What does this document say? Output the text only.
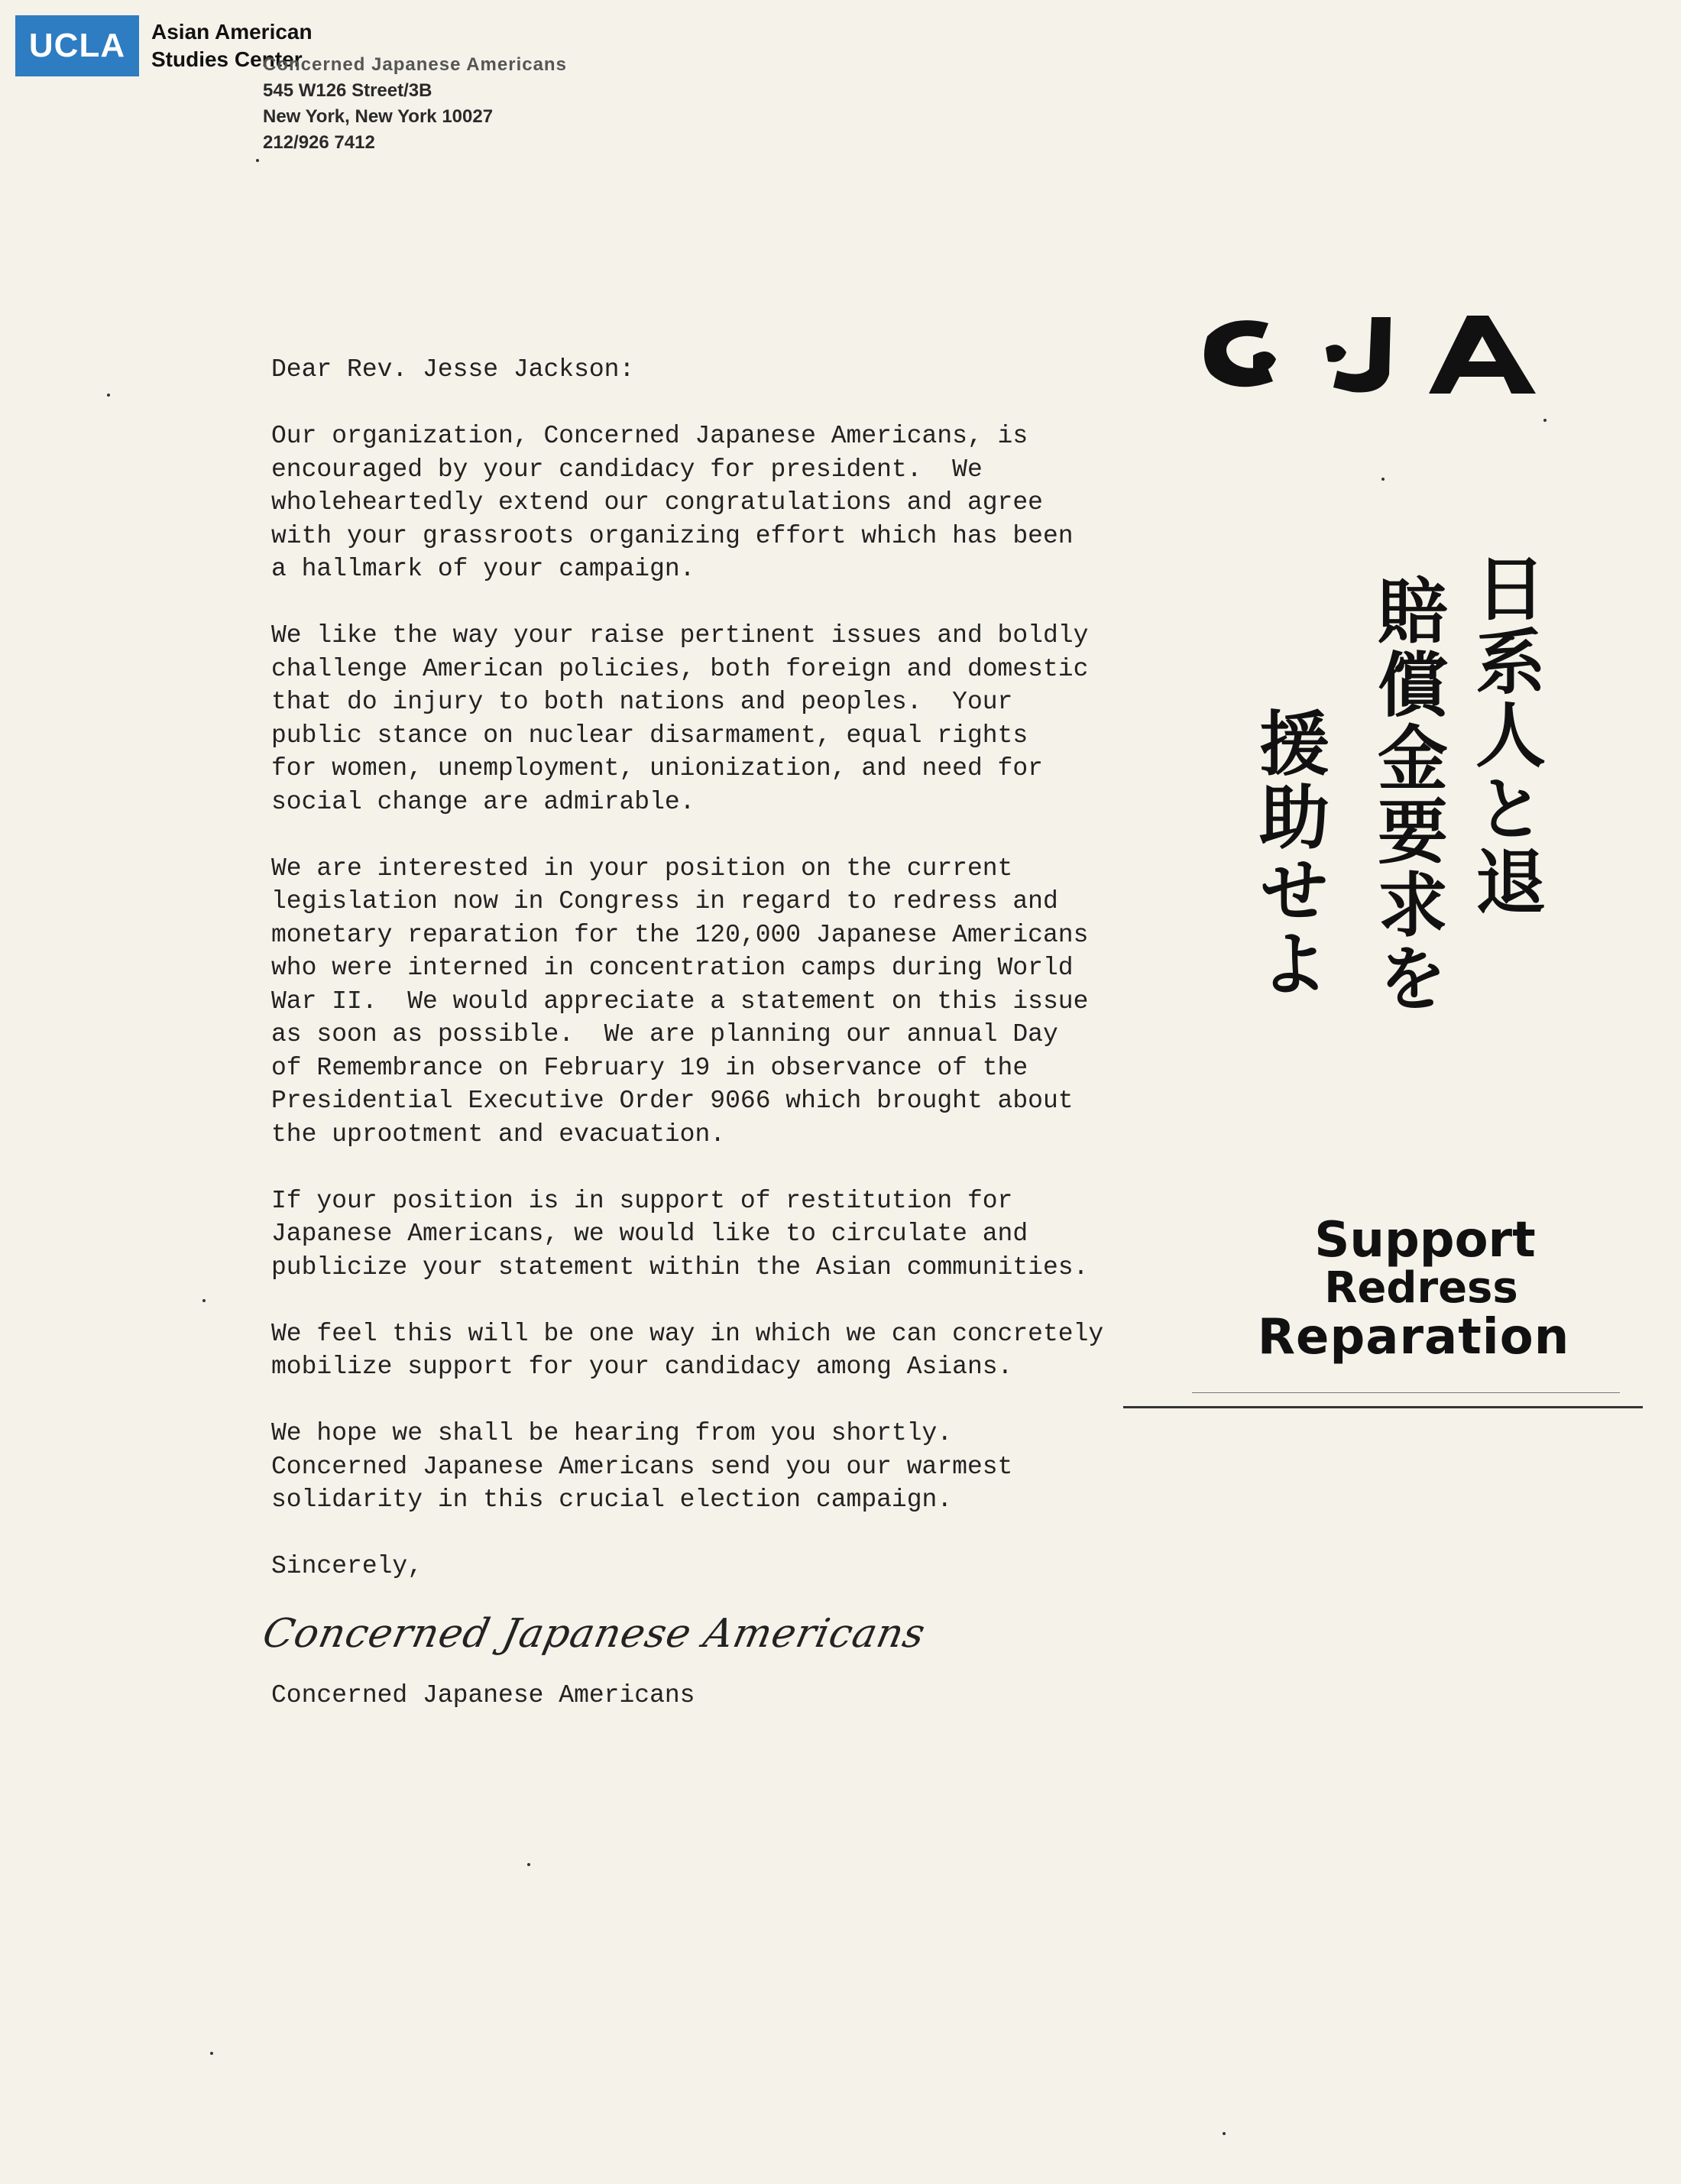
UCLA Asian American
Studies Center
Concerned Japanese Americans
545 W126 Street/3B
New York, New York 10027
212/926 7412
CJA
日系人と退
賠償金要求を
援助せよ
Support
Redress
Reparation
Dear Rev. Jesse Jackson:
Our organization, Concerned Japanese Americans, is
encouraged by your candidacy for president.  We
wholeheartedly extend our congratulations and agree
with your grassroots organizing effort which has been
a hallmark of your campaign.
We like the way your raise pertinent issues and boldly
challenge American policies, both foreign and domestic
that do injury to both nations and peoples.  Your
public stance on nuclear disarmament, equal rights
for women, unemployment, unionization, and need for
social change are admirable.
We are interested in your position on the current
legislation now in Congress in regard to redress and
monetary reparation for the 120,000 Japanese Americans
who were interned in concentration camps during World
War II.  We would appreciate a statement on this issue
as soon as possible.  We are planning our annual Day
of Remembrance on February 19 in observance of the
Presidential Executive Order 9066 which brought about
the uprootment and evacuation.
If your position is in support of restitution for
Japanese Americans, we would like to circulate and
publicize your statement within the Asian communities.
We feel this will be one way in which we can concretely
mobilize support for your candidacy among Asians.
We hope we shall be hearing from you shortly.
Concerned Japanese Americans send you our warmest
solidarity in this crucial election campaign.
Sincerely,
Concerned Japanese Americans
Concerned Japanese Americans
